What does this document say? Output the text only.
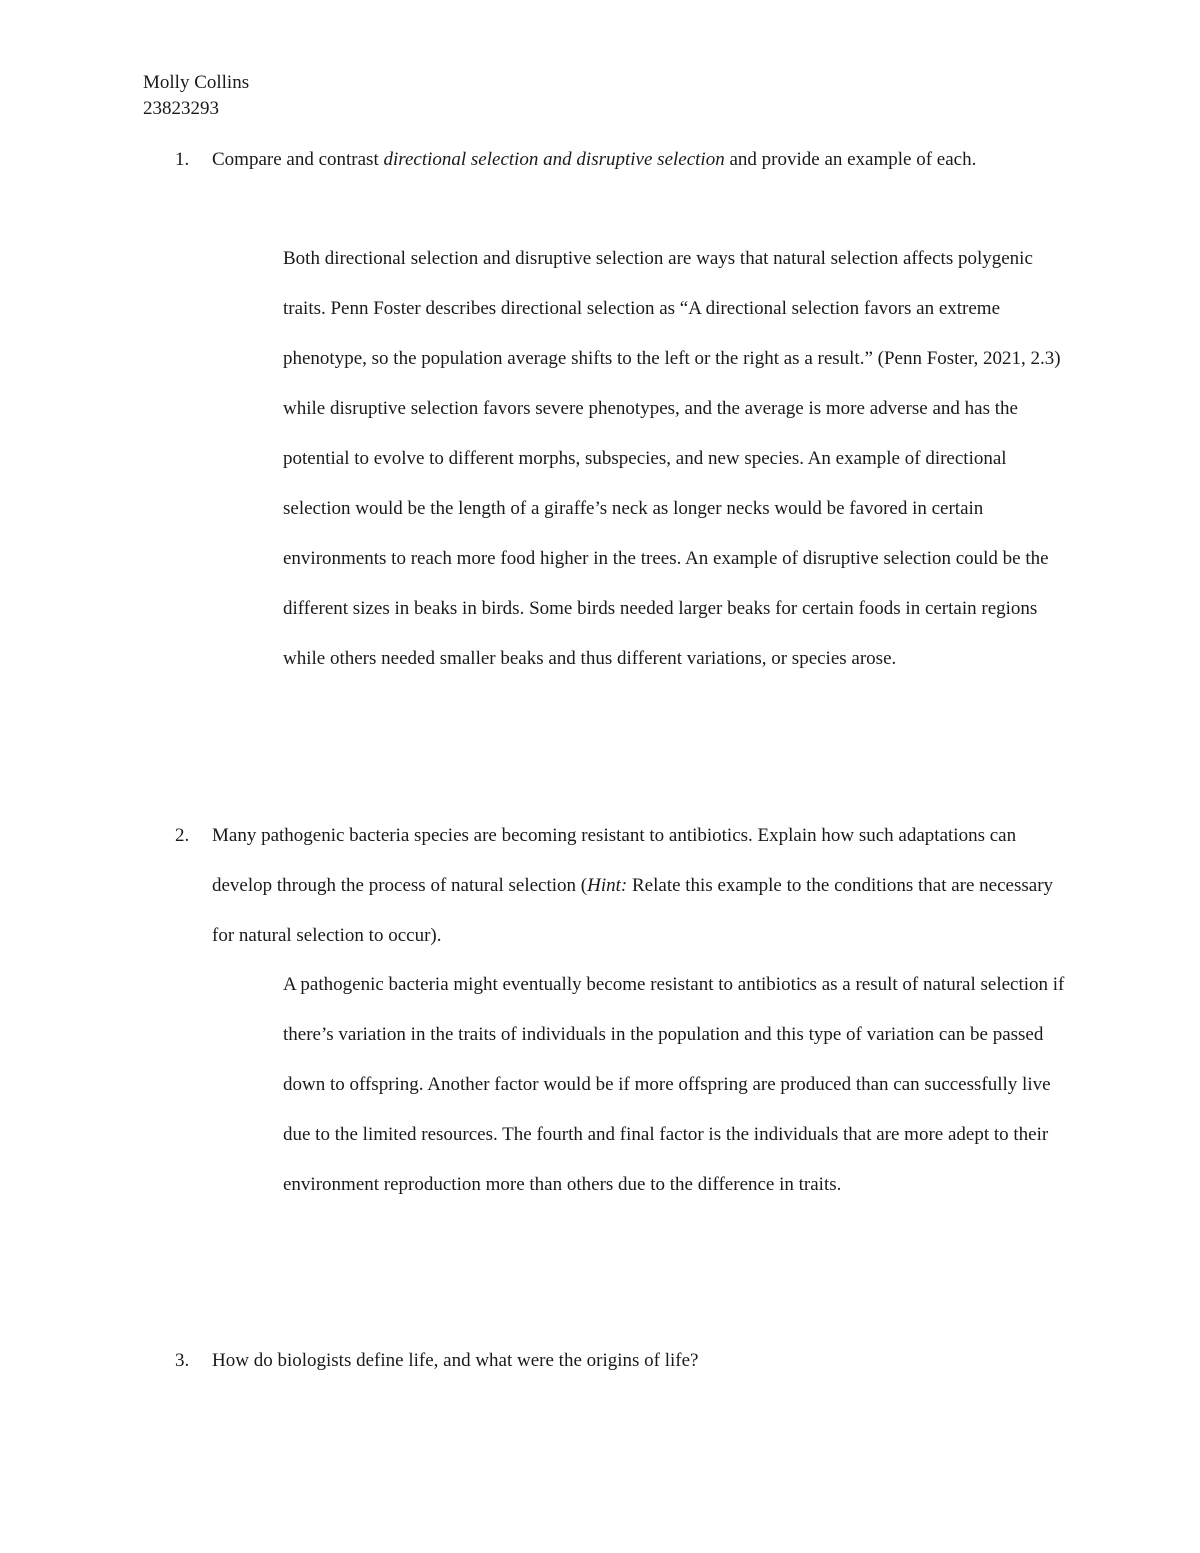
Molly Collins
23823293
1.	Compare and contrast directional selection and disruptive selection and provide an example of each.
Both directional selection and disruptive selection are ways that natural selection affects polygenic traits. Penn Foster describes directional selection as “A directional selection favors an extreme phenotype, so the population average shifts to the left or the right as a result.” (Penn Foster, 2021, 2.3) while disruptive selection favors severe phenotypes, and the average is more adverse and has the potential to evolve to different morphs, subspecies, and new species. An example of directional selection would be the length of a giraffe’s neck as longer necks would be favored in certain environments to reach more food higher in the trees. An example of disruptive selection could be the different sizes in beaks in birds. Some birds needed larger beaks for certain foods in certain regions while others needed smaller beaks and thus different variations, or species arose.
2.	Many pathogenic bacteria species are becoming resistant to antibiotics. Explain how such adaptations can develop through the process of natural selection (Hint: Relate this example to the conditions that are necessary for natural selection to occur).
A pathogenic bacteria might eventually become resistant to antibiotics as a result of natural selection if there’s variation in the traits of individuals in the population and this type of variation can be passed down to offspring. Another factor would be if more offspring are produced than can successfully live due to the limited resources. The fourth and final factor is the individuals that are more adept to their environment reproduction more than others due to the difference in traits.
3.	How do biologists define life, and what were the origins of life?
